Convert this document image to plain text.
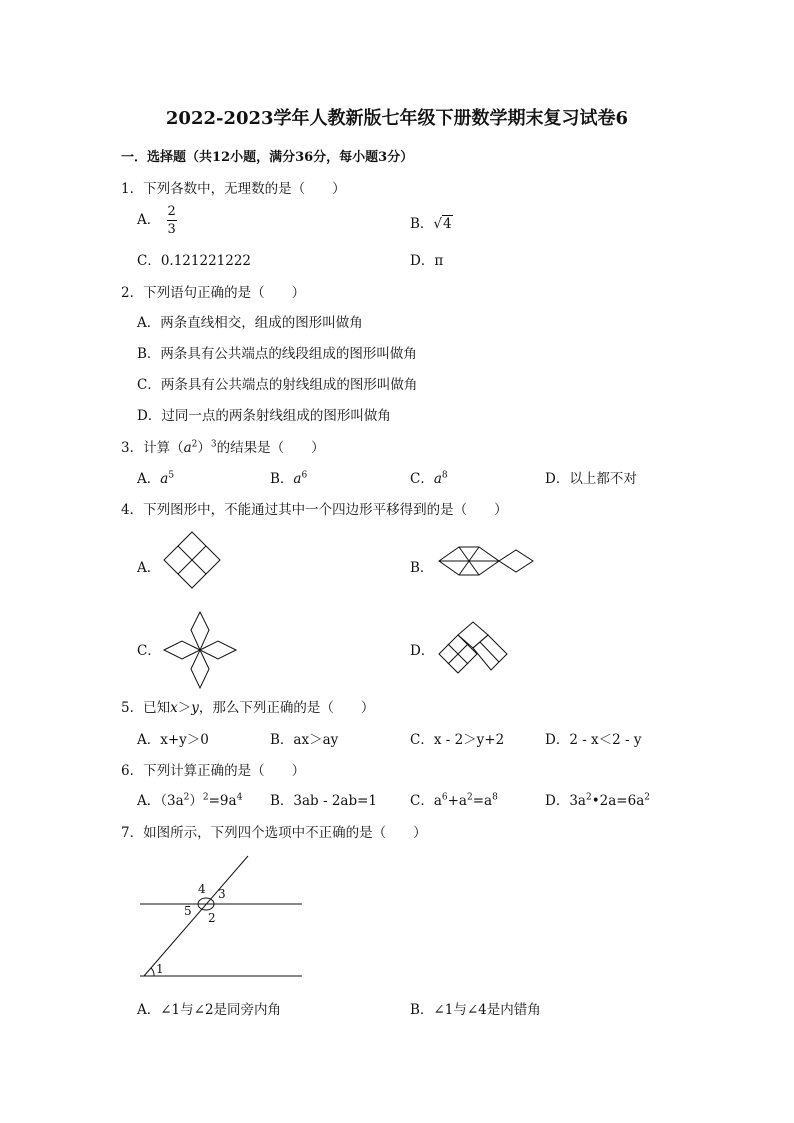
2022-2023学年人教新版七年级下册数学期末复习试卷6
一．选择题（共12小题，满分36分，每小题3分）
1．下列各数中，无理数的是（　　）
A． $\frac{2}{3}$	B．√4
C．0.121221222	D．π
2．下列语句正确的是（　　）
A．两条直线相交，组成的图形叫做角
B．两条具有公共端点的线段组成的图形叫做角
C．两条具有公共端点的射线组成的图形叫做角
D．过同一点的两条射线组成的图形叫做角
3．计算$(a^2)^3$的结果是（　　）
A．$a^5$	B．$a^6$	C．$a^8$	D．以上都不对
4．下列图形中，不能通过其中一个四边形平移得到的是（　　）
A．	B．
C．	D．
5．已知x＞y，那么下列正确的是（　　）
A．x+y＞0	B．ax＞ay	C．x - 2＞y+2	D．2 - x＜2 - y
6．下列计算正确的是（　　）
A．$(3a^2)^2=9a^4$ B．3ab - 2ab=1 C．$a^6+a^2=a^8$	D．$3a^2•2a=6a^2$
7．如图所示，下列四个选项中不正确的是（　　）
1
2
3
4
5
A．∠1与∠2是同旁内角	B．∠1与∠4是内错角
